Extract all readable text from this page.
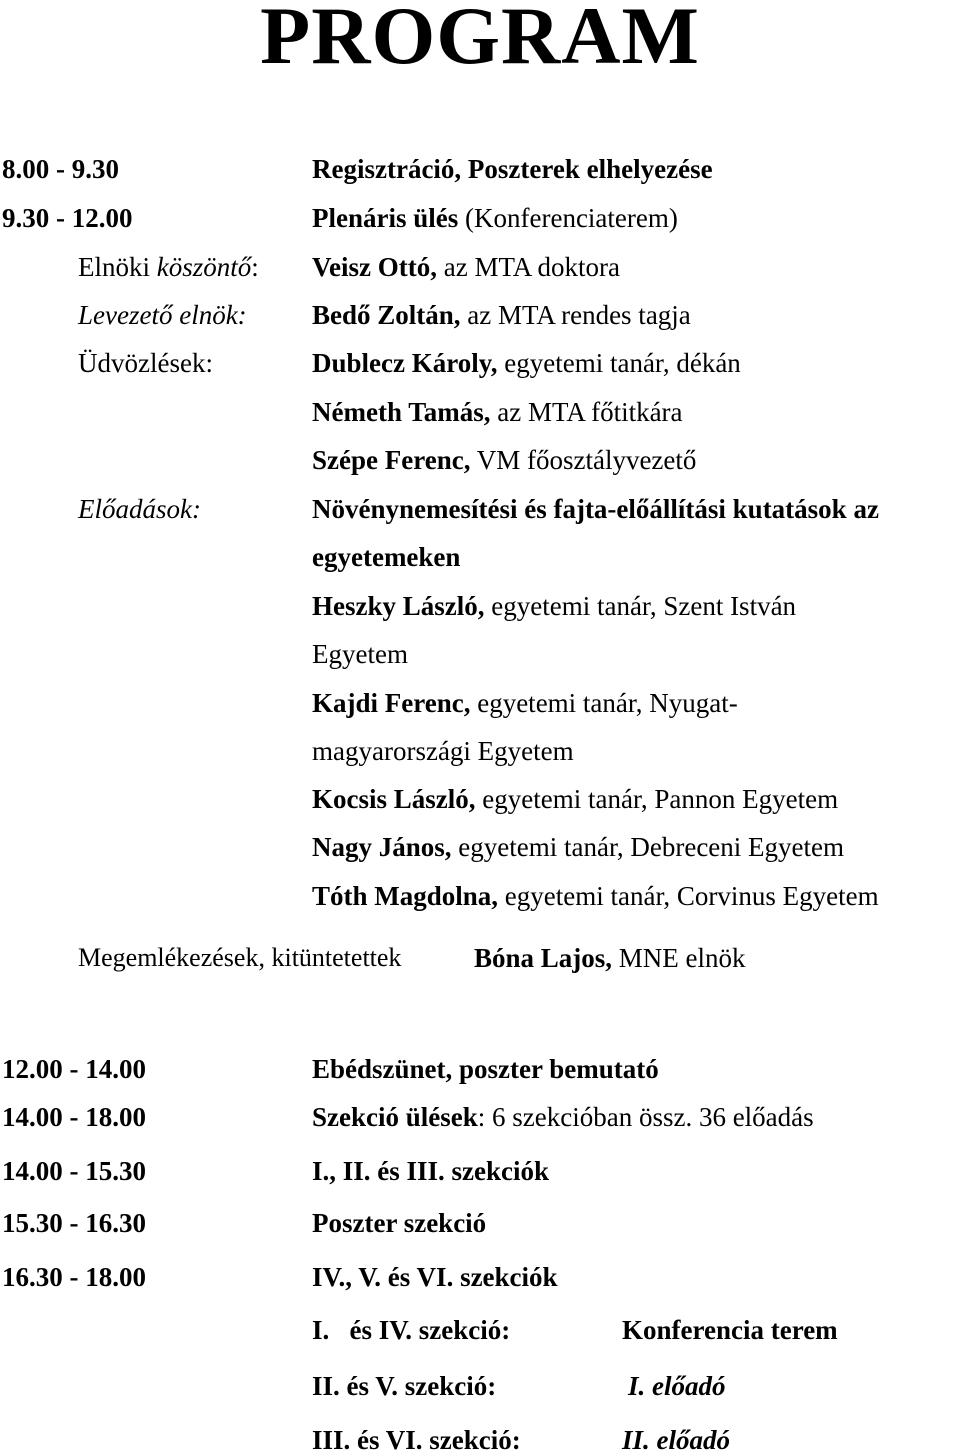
PROGRAM
8.00 - 9.30	Regisztráció, Poszterek elhelyezése
9.30 - 12.00	Plenáris ülés (Konferenciaterem)
Elnöki köszöntő: Veisz Ottó, az MTA doktora
Levezető elnök: Bedő Zoltán, az MTA rendes tagja
Üdvözlések:	Dublecz Károly, egyetemi tanár, dékán
Németh Tamás, az MTA főtitkára
Szépe Ferenc, VM főosztályvezető
Előadások:	Növénynemesítési és fajta-előállítási kutatások az
egyetemeken
Heszky László, egyetemi tanár, Szent István
Egyetem
Kajdi Ferenc, egyetemi tanár, Nyugat-
magyarországi Egyetem
Kocsis László, egyetemi tanár, Pannon Egyetem
Nagy János, egyetemi tanár, Debreceni Egyetem
Tóth Magdolna, egyetemi tanár, Corvinus Egyetem
Megemlékezések, kitüntetettek	Bóna Lajos, MNE elnök
12.00 - 14.00	Ebédszünet, poszter bemutató
14.00 - 18.00	Szekció ülések: 6 szekcióban össz. 36 előadás
14.00 - 15.30	I., II. és III. szekciók
15.30 - 16.30	Poszter szekció
16.30 - 18.00	IV., V. és VI. szekciók
I.   és IV. szekció:	Konferencia terem
II. és V. szekció:	I. előadó
III. és VI. szekció:	II. előadó
